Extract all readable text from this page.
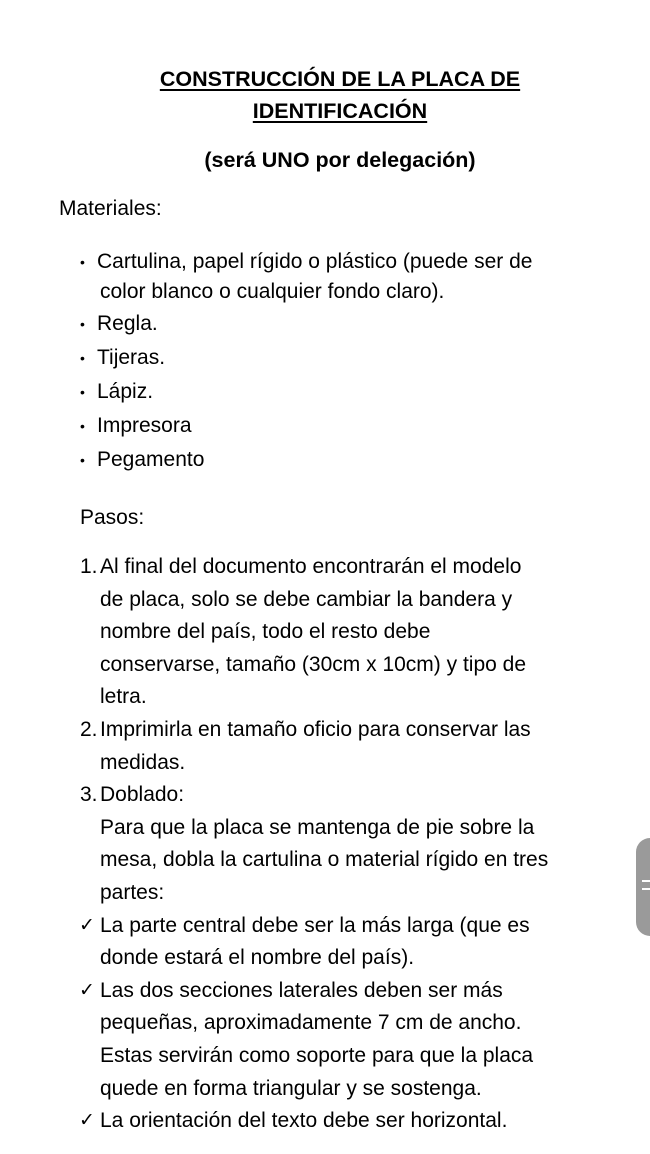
CONSTRUCCIÓN DE LA PLACA DE
IDENTIFICACIÓN
(será UNO por delegación)
Materiales:
• Cartulina, papel rígido o plástico (puede ser de
color blanco o cualquier fondo claro).
• Regla.
• Tijeras.
• Lápiz.
• Impresora
• Pegamento
Pasos:
1. Al final del documento encontrarán el modelo
de placa, solo se debe cambiar la bandera y
nombre del país, todo el resto debe
conservarse, tamaño (30cm x 10cm) y tipo de
letra.
2. Imprimirla en tamaño oficio para conservar las
medidas.
3. Doblado:
Para que la placa se mantenga de pie sobre la
mesa, dobla la cartulina o material rígido en tres
partes:
✓ La parte central debe ser la más larga (que es
donde estará el nombre del país).
✓ Las dos secciones laterales deben ser más
pequeñas, aproximadamente 7 cm de ancho.
Estas servirán como soporte para que la placa
quede en forma triangular y se sostenga.
✓ La orientación del texto debe ser horizontal.
